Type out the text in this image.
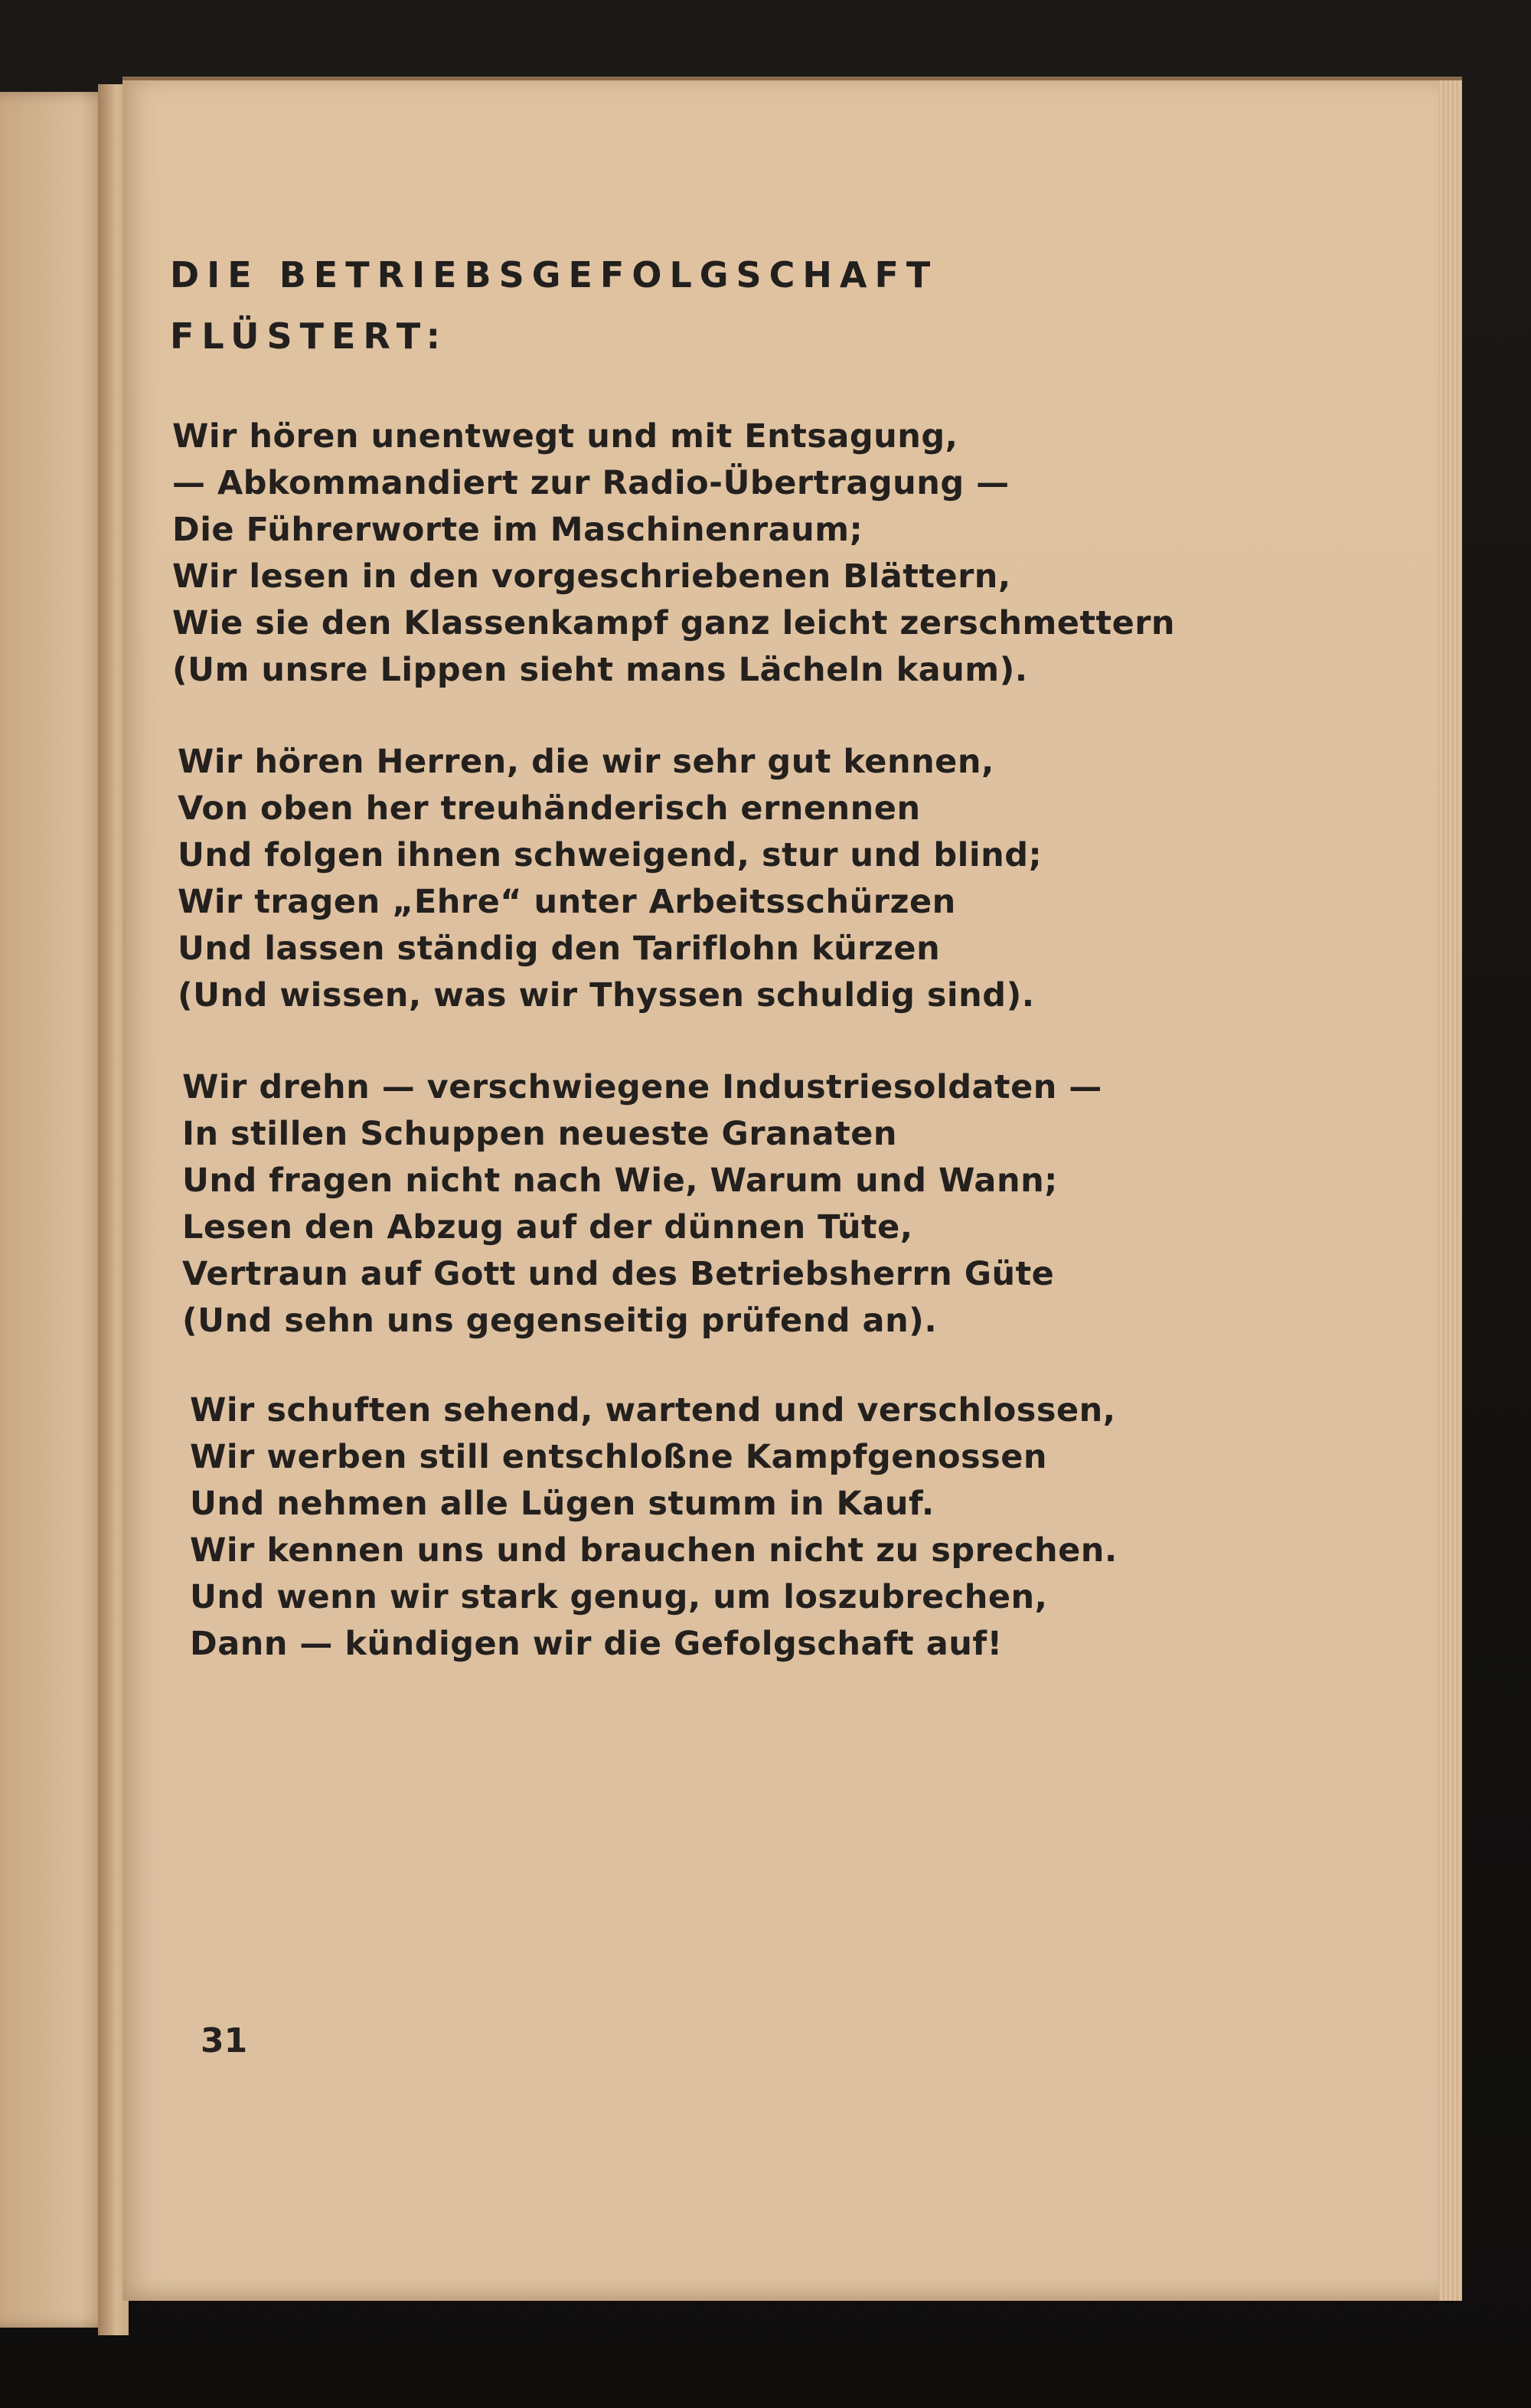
DIE BETRIEBSGEFOLGSCHAFT
FLÜSTERT:
Wir hören unentwegt und mit Entsagung,
— Abkommandiert zur Radio-Übertragung —
Die Führerworte im Maschinenraum;
Wir lesen in den vorgeschriebenen Blättern,
Wie sie den Klassenkampf ganz leicht zerschmettern
(Um unsre Lippen sieht mans Lächeln kaum).
Wir hören Herren, die wir sehr gut kennen,
Von oben her treuhänderisch ernennen
Und folgen ihnen schweigend, stur und blind;
Wir tragen „Ehre“ unter Arbeitsschürzen
Und lassen ständig den Tariflohn kürzen
(Und wissen, was wir Thyssen schuldig sind).
Wir drehn — verschwiegene Industriesoldaten —
In stillen Schuppen neueste Granaten
Und fragen nicht nach Wie, Warum und Wann;
Lesen den Abzug auf der dünnen Tüte,
Vertraun auf Gott und des Betriebsherrn Güte
(Und sehn uns gegenseitig prüfend an).
Wir schuften sehend, wartend und verschlossen,
Wir werben still entschloßne Kampfgenossen
Und nehmen alle Lügen stumm in Kauf.
Wir kennen uns und brauchen nicht zu sprechen.
Und wenn wir stark genug, um loszubrechen,
Dann — kündigen wir die Gefolgschaft auf!
31
